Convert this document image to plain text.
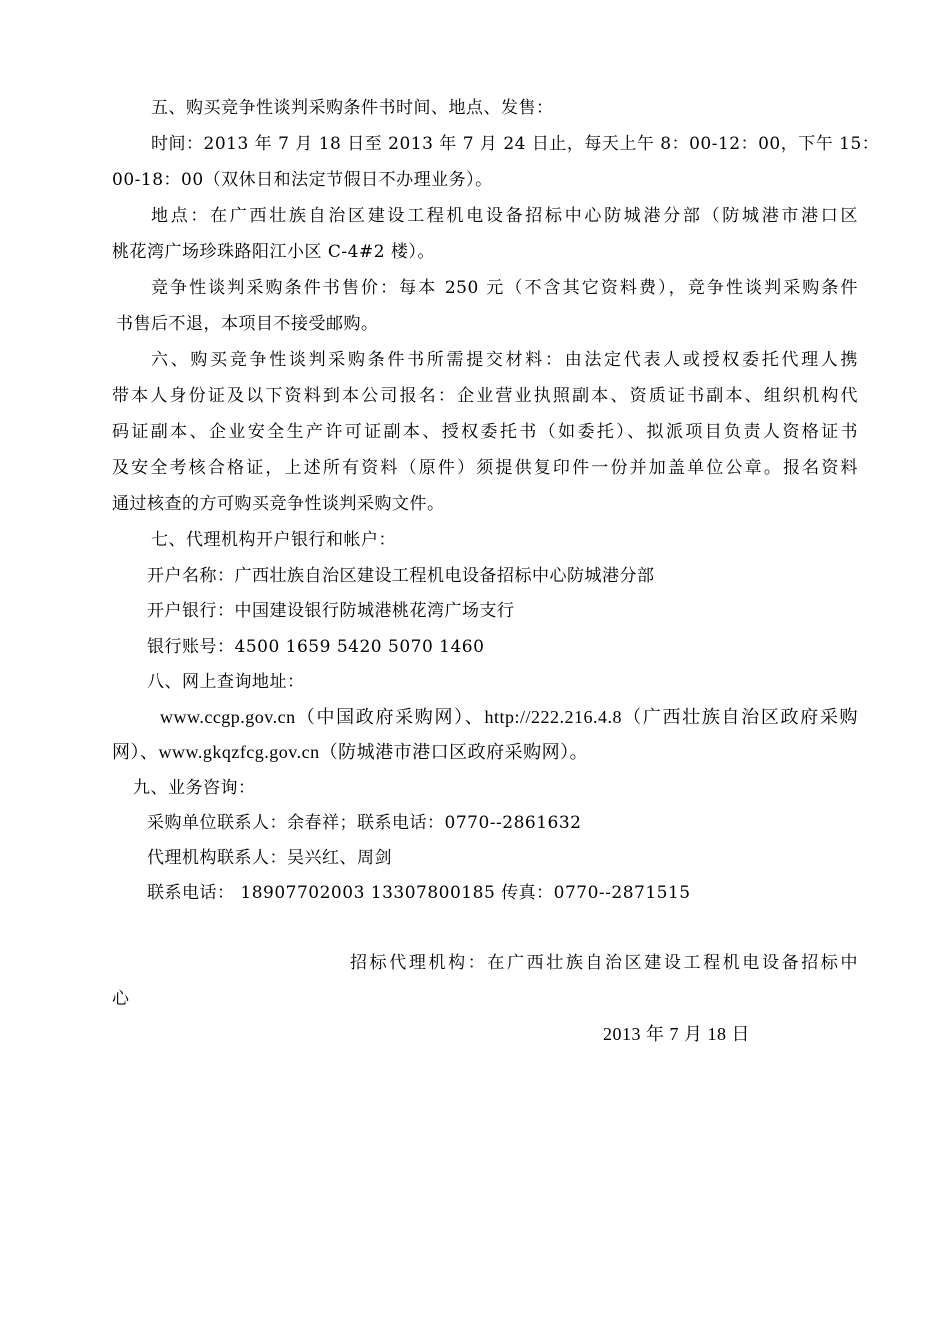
五、购买竞争性谈判采购条件书时间、地点、发售：
时间：2013 年 7 月 18 日至 2013 年 7 月 24 日止，每天上午 8：00-12：00，下午 15：
00-18：00（双休日和法定节假日不办理业务）。
地点：在广西壮族自治区建设工程机电设备招标中心防城港分部（防城港市港口区
桃花湾广场珍珠路阳江小区 C-4#2 楼）。
竞争性谈判采购条件书售价：每本 250 元（不含其它资料费），竞争性谈判采购条件
书售后不退，本项目不接受邮购。
六、购买竞争性谈判采购条件书所需提交材料：由法定代表人或授权委托代理人携
带本人身份证及以下资料到本公司报名：企业营业执照副本、资质证书副本、组织机构代
码证副本、企业安全生产许可证副本、授权委托书（如委托）、拟派项目负责人资格证书
及安全考核合格证，上述所有资料（原件）须提供复印件一份并加盖单位公章。报名资料
通过核查的方可购买竞争性谈判采购文件。
七、代理机构开户银行和帐户：
开户名称：广西壮族自治区建设工程机电设备招标中心防城港分部
开户银行：中国建设银行防城港桃花湾广场支行
银行账号：4500 1659 5420 5070 1460
八、网上查询地址：
www.ccgp.gov.cn（中国政府采购网）、http://222.216.4.8（广西壮族自治区政府采购
网）、www.gkqzfcg.gov.cn（防城港市港口区政府采购网）。
九、业务咨询：
采购单位联系人：余春祥；联系电话：0770--2861632
代理机构联系人：吴兴红、周剑
联系电话： 18907702003 13307800185 传真：0770--2871515
招标代理机构：在广西壮族自治区建设工程机电设备招标中
心
2013 年 7 月 18 日
